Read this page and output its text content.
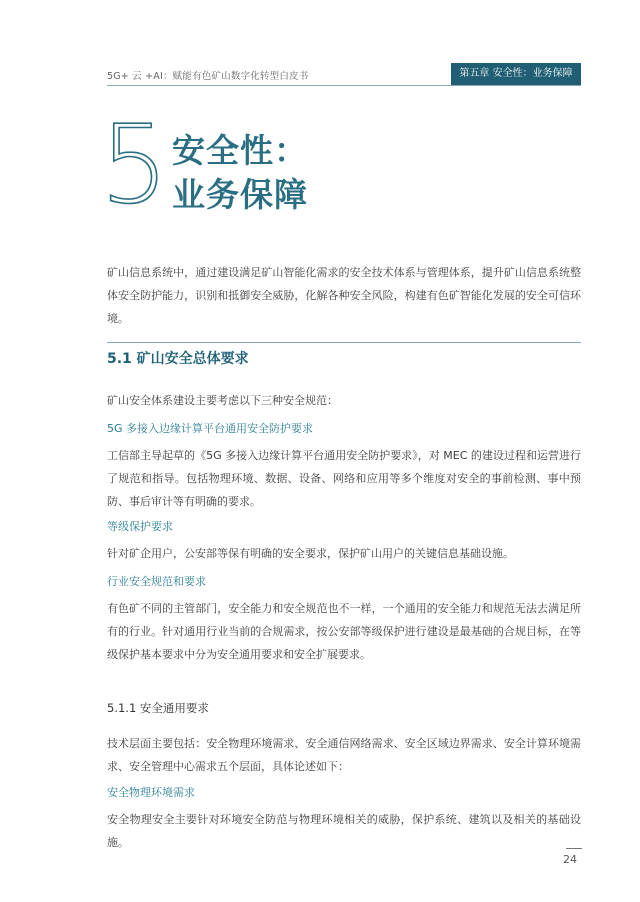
5G+ 云 +AI：赋能有色矿山数字化转型白皮书	第五章 安全性：业务保障
5 安全性：
业务保障

矿山信息系统中，通过建设满足矿山智能化需求的安全技术体系与管理体系，提升矿山信息系统整体安全防护能力，识别和抵御安全威胁，化解各种安全风险，构建有色矿智能化发展的安全可信环境。

5.1 矿山安全总体要求

矿山安全体系建设主要考虑以下三种安全规范：

5G 多接入边缘计算平台通用安全防护要求

工信部主导起草的《5G 多接入边缘计算平台通用安全防护要求》，对 MEC 的建设过程和运营进行了规范和指导。包括物理环境、数据、设备、网络和应用等多个维度对安全的事前检测、事中预防、事后审计等有明确的要求。

等级保护要求

针对矿企用户，公安部等保有明确的安全要求，保护矿山用户的关键信息基础设施。

行业安全规范和要求

有色矿不同的主管部门，安全能力和安全规范也不一样，一个通用的安全能力和规范无法去满足所有的行业。针对通用行业当前的合规需求，按公安部等级保护进行建设是最基础的合规目标，在等级保护基本要求中分为安全通用要求和安全扩展要求。

5.1.1 安全通用要求

技术层面主要包括：安全物理环境需求、安全通信网络需求、安全区域边界需求、安全计算环境需求、安全管理中心需求五个层面，具体论述如下：

安全物理环境需求

安全物理安全主要针对环境安全防范与物理环境相关的威胁，保护系统、建筑以及相关的基础设施。

24
